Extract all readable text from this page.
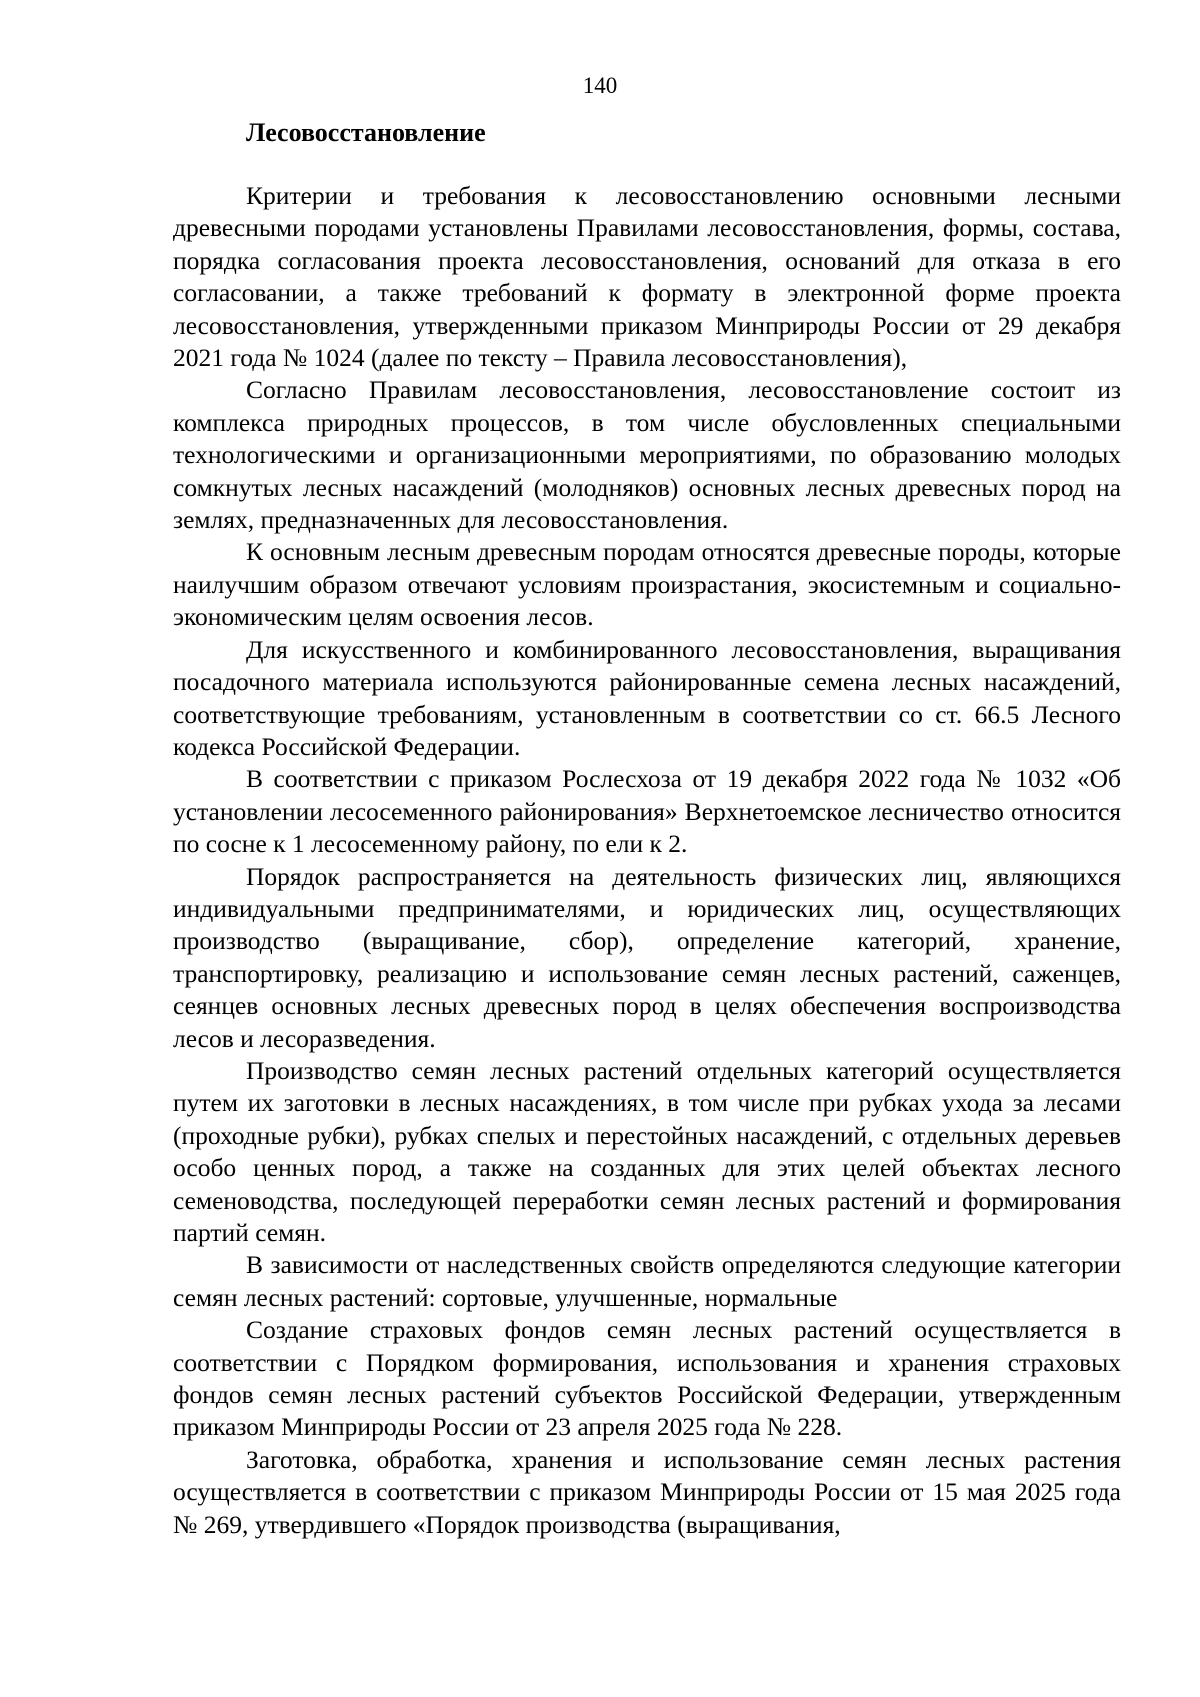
140
Лесовосстановление

Критерии и требования к лесовосстановлению основными лесными древесными породами установлены Правилами лесовосстановления, формы, состава, порядка согласования проекта лесовосстановления, оснований для отказа в его согласовании, а также требований к формату в электронной форме проекта лесовосстановления, утвержденными приказом Минприроды России от 29 декабря 2021 года № 1024 (далее по тексту – Правила лесовосстановления),

Согласно Правилам лесовосстановления, лесовосстановление состоит из комплекса природных процессов, в том числе обусловленных специальными технологическими и организационными мероприятиями, по образованию молодых сомкнутых лесных насаждений (молодняков) основных лесных древесных пород на землях, предназначенных для лесовосстановления.

К основным лесным древесным породам относятся древесные породы, которые наилучшим образом отвечают условиям произрастания, экосистемным и социально-экономическим целям освоения лесов.

Для искусственного и комбинированного лесовосстановления, выращивания посадочного материала используются районированные семена лесных насаждений, соответствующие требованиям, установленным в соответствии со ст. 66.5 Лесного кодекса Российской Федерации.

В соответствии с приказом Рослесхоза от 19 декабря 2022 года № 1032 «Об установлении лесосеменного районирования» Верхнетоемское лесничество относится по сосне к 1 лесосеменному району, по ели к 2.

Порядок распространяется на деятельность физических лиц, являющихся индивидуальными предпринимателями, и юридических лиц, осуществляющих производство (выращивание, сбор), определение категорий, хранение, транспортировку, реализацию и использование семян лесных растений, саженцев, сеянцев основных лесных древесных пород в целях обеспечения воспроизводства лесов и лесоразведения.

Производство семян лесных растений отдельных категорий осуществляется путем их заготовки в лесных насаждениях, в том числе при рубках ухода за лесами (проходные рубки), рубках спелых и перестойных насаждений, с отдельных деревьев особо ценных пород, а также на созданных для этих целей объектах лесного семеноводства, последующей переработки семян лесных растений и формирования партий семян.

В зависимости от наследственных свойств определяются следующие категории семян лесных растений: сортовые, улучшенные, нормальные

Создание страховых фондов семян лесных растений осуществляется в соответствии с Порядком формирования, использования и хранения страховых фондов семян лесных растений субъектов Российской Федерации, утвержденным приказом Минприроды России от 23 апреля 2025 года № 228.

Заготовка, обработка, хранения и использование семян лесных растения осуществляется в соответствии с приказом Минприроды России от 15 мая 2025 года № 269, утвердившего «Порядок производства (выращивания,
